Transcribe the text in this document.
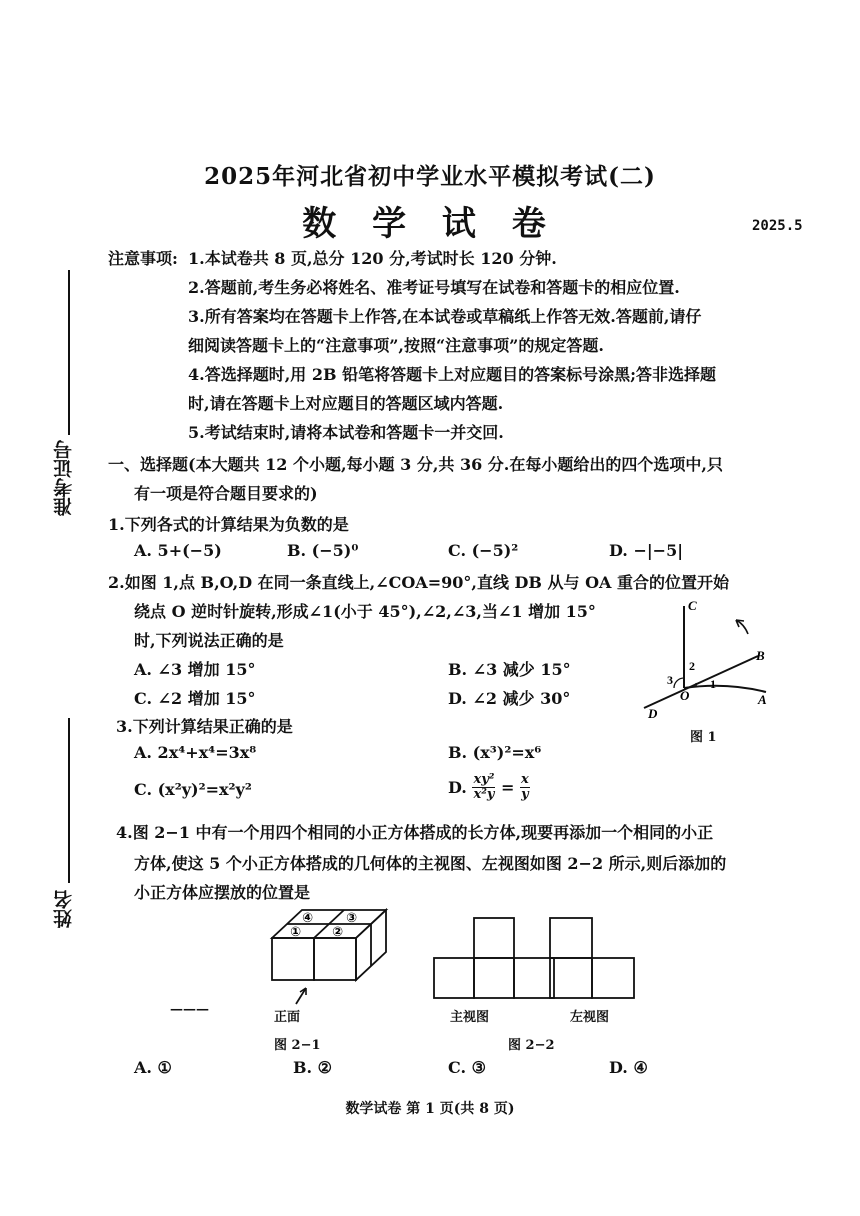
2025年河北省初中学业水平模拟考试(二)
数 学 试 卷	2025.5
准考证号
姓名
注意事项: 1.本试卷共 8 页,总分 120 分,考试时长 120 分钟.
2.答题前,考生务必将姓名、准考证号填写在试卷和答题卡的相应位置.
3.所有答案均在答题卡上作答,在本试卷或草稿纸上作答无效.答题前,请仔
细阅读答题卡上的“注意事项”,按照“注意事项”的规定答题.
4.答选择题时,用 2B 铅笔将答题卡上对应题目的答案标号涂黑;答非选择题
时,请在答题卡上对应题目的答题区域内答题.
5.考试结束时,请将本试卷和答题卡一并交回.
一、选择题(本大题共 12 个小题,每小题 3 分,共 36 分.在每小题给出的四个选项中,只
有一项是符合题目要求的)
1.下列各式的计算结果为负数的是
A. 5+(−5)	B. (−5)⁰	C. (−5)²	D. −|−5|
2.如图 1,点 B,O,D 在同一条直线上,∠COA=90°,直线 DB 从与 OA 重合的位置开始
绕点 O 逆时针旋转,形成∠1(小于 45°),∠2,∠3,当∠1 增加 15°
时,下列说法正确的是
A. ∠3 增加 15°	B. ∠3 减少 15°
C. ∠2 增加 15°	D. ∠2 减少 30°
C
B
A
O
D
1
2
3
图 1
3.下列计算结果正确的是
A. 2x⁴+x⁴=3x⁸	B. (x³)²=x⁶
C. (x²y)²=x²y²	D. $\frac{\text{xy²}}{\text{x²y}} = \frac{x}{y}$
4.图 2−1 中有一个用四个相同的小正方体搭成的长方体,现要再添加一个相同的小正
方体,使这 5 个小正方体搭成的几何体的主视图、左视图如图 2−2 所示,则后添加的
小正方体应摆放的位置是
④	③
① ②
正面
图 2−1
———
主视图	左视图
图 2−2
A. ①	B. ②	C. ③	D. ④
数学试卷 第 1 页(共 8 页)
